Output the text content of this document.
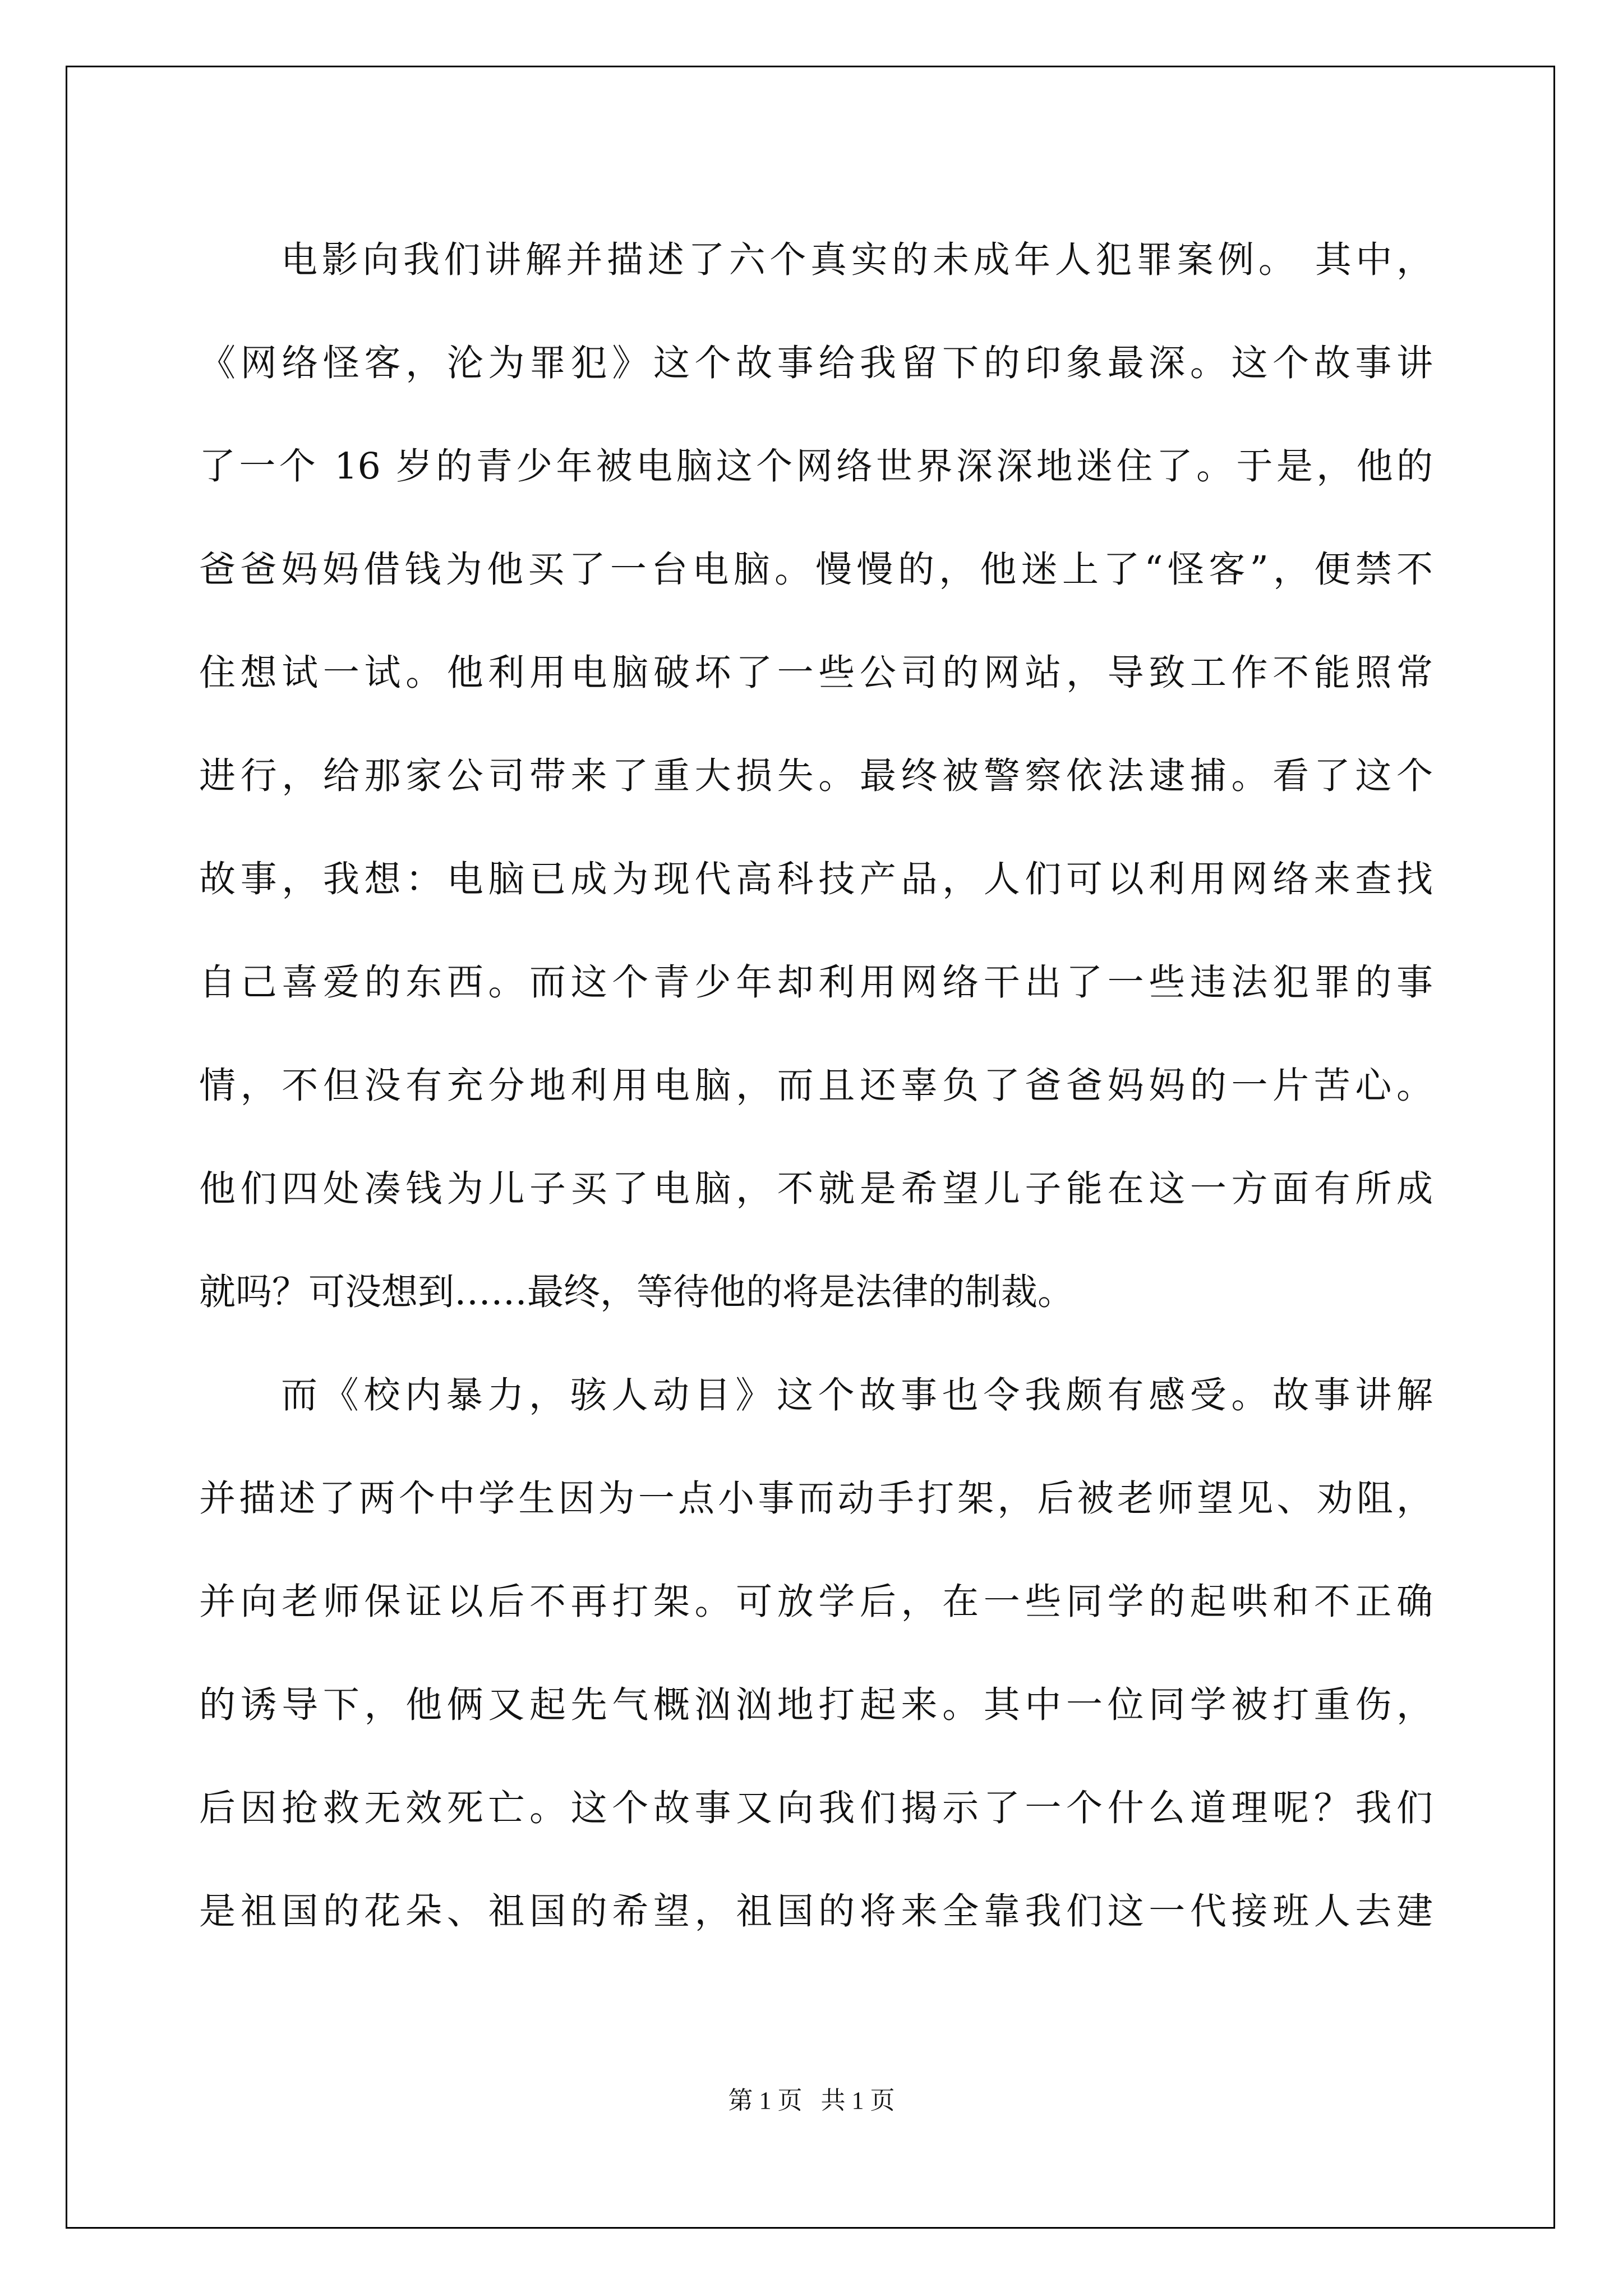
电影向我们讲解并描述了六个真实的未成年人犯罪案例。 其中，
《网络怪客，沦为罪犯》这个故事给我留下的印象最深。这个故事讲
了一个 16 岁的青少年被电脑这个网络世界深深地迷住了。于是，他的
爸爸妈妈借钱为他买了一台电脑。慢慢的，他迷上了“怪客”，便禁不
住想试一试。他利用电脑破坏了一些公司的网站，导致工作不能照常
进行，给那家公司带来了重大损失。最终被警察依法逮捕。看了这个
故事，我想：电脑已成为现代高科技产品，人们可以利用网络来查找
自己喜爱的东西。而这个青少年却利用网络干出了一些违法犯罪的事
情，不但没有充分地利用电脑，而且还辜负了爸爸妈妈的一片苦心。
他们四处凑钱为儿子买了电脑，不就是希望儿子能在这一方面有所成
就吗？可没想到……最终，等待他的将是法律的制裁。
而《校内暴力，骇人动目》这个故事也令我颇有感受。故事讲解
并描述了两个中学生因为一点小事而动手打架，后被老师望见、劝阻，
并向老师保证以后不再打架。可放学后，在一些同学的起哄和不正确
的诱导下，他俩又起先气概汹汹地打起来。其中一位同学被打重伤，
后因抢救无效死亡。这个故事又向我们揭示了一个什么道理呢？我们
是祖国的花朵、祖国的希望，祖国的将来全靠我们这一代接班人去建
第 1 页   共 1 页
